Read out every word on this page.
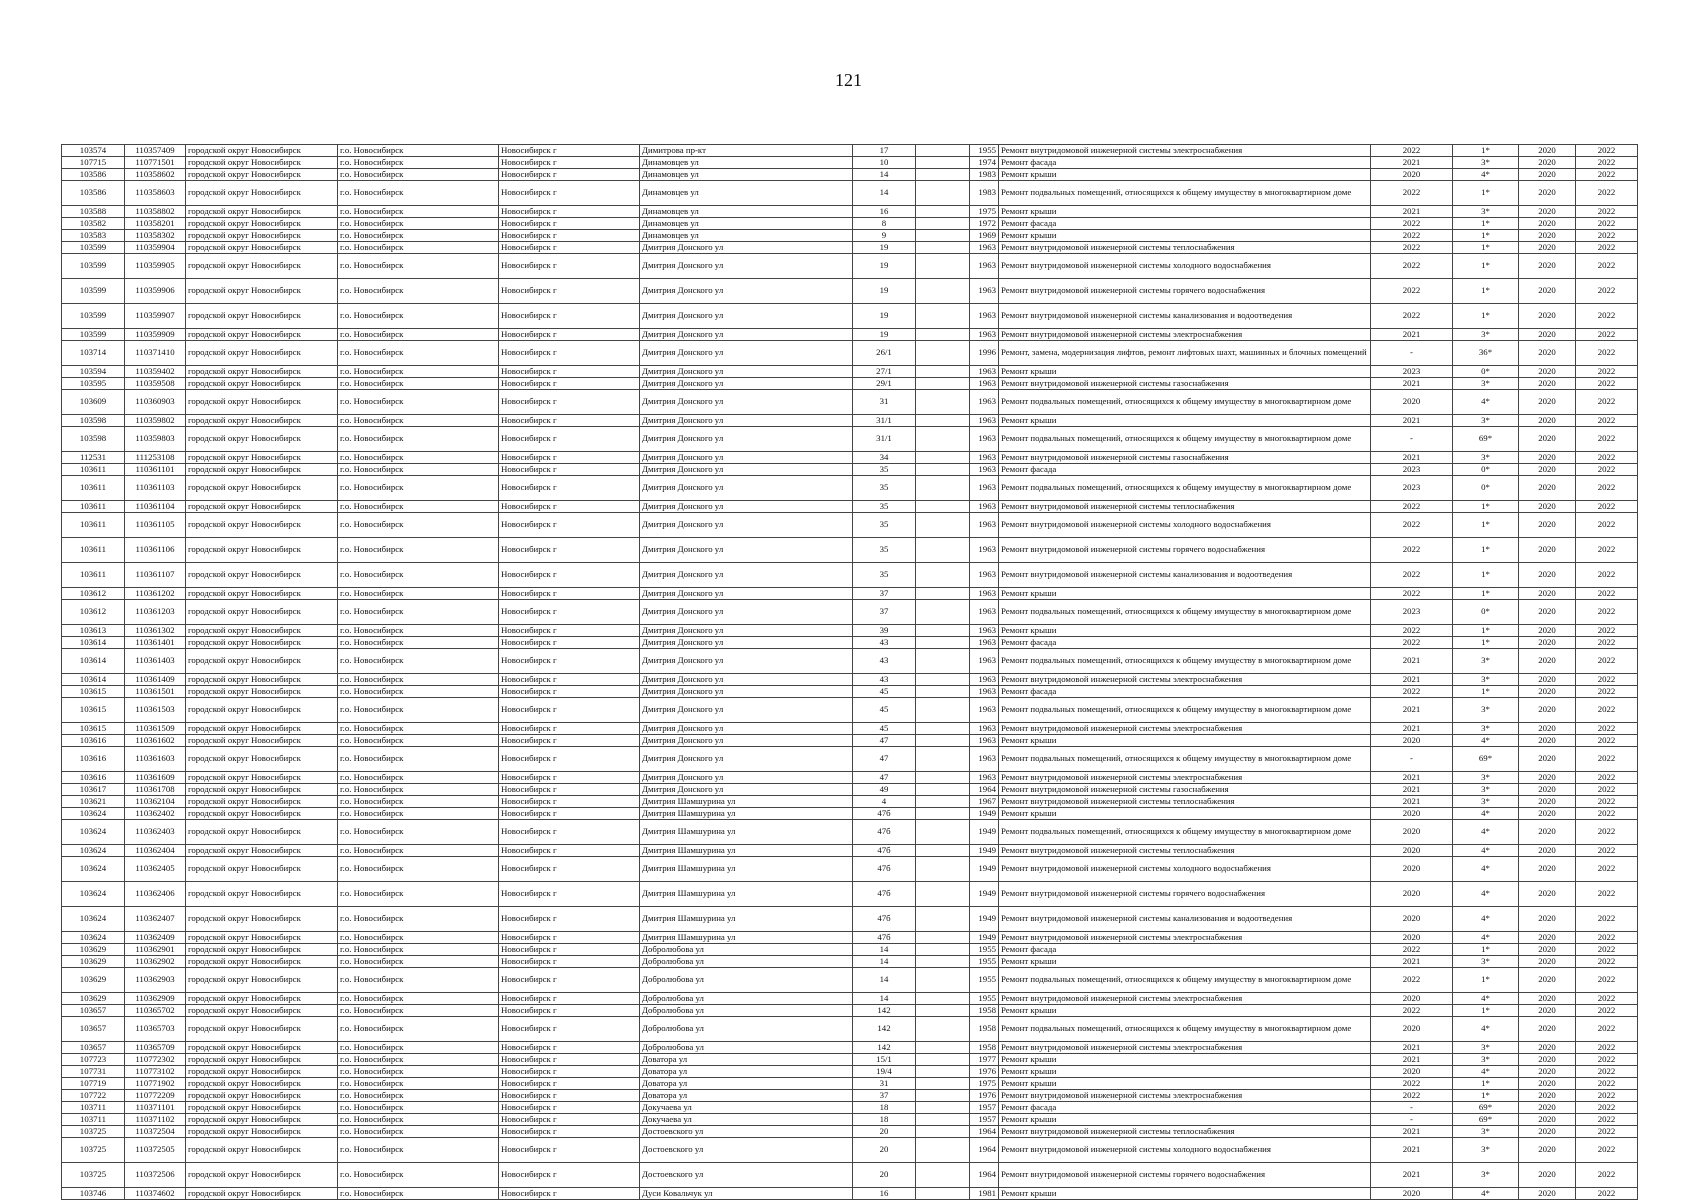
121
103574	110357409	городской округ Новосибирск	г.о. Новосибирск	Новосибирск г	Димитрова пр-кт	17		1955	Ремонт внутридомовой инженерной системы электроснабжения	2022	1*	2020	2022
107715	110771501	городской округ Новосибирск	г.о. Новосибирск	Новосибирск г	Динамовцев ул	10		1974	Ремонт фасада	2021	3*	2020	2022
103586	110358602	городской округ Новосибирск	г.о. Новосибирск	Новосибирск г	Динамовцев ул	14		1983	Ремонт крыши	2020	4*	2020	2022
103586	110358603	городской округ Новосибирск	г.о. Новосибирск	Новосибирск г	Динамовцев ул	14		1983	Ремонт подвальных помещений, относящихся к общему имуществу в многоквартирном доме	2022	1*	2020	2022
103588	110358802	городской округ Новосибирск	г.о. Новосибирск	Новосибирск г	Динамовцев ул	16		1975	Ремонт крыши	2021	3*	2020	2022
103582	110358201	городской округ Новосибирск	г.о. Новосибирск	Новосибирск г	Динамовцев ул	8		1972	Ремонт фасада	2022	1*	2020	2022
103583	110358302	городской округ Новосибирск	г.о. Новосибирск	Новосибирск г	Динамовцев ул	9		1969	Ремонт крыши	2022	1*	2020	2022
103599	110359904	городской округ Новосибирск	г.о. Новосибирск	Новосибирск г	Дмитрия Донского ул	19		1963	Ремонт внутридомовой инженерной системы теплоснабжения	2022	1*	2020	2022
103599	110359905	городской округ Новосибирск	г.о. Новосибирск	Новосибирск г	Дмитрия Донского ул	19		1963	Ремонт внутридомовой инженерной системы холодного водоснабжения	2022	1*	2020	2022
103599	110359906	городской округ Новосибирск	г.о. Новосибирск	Новосибирск г	Дмитрия Донского ул	19		1963	Ремонт внутридомовой инженерной системы горячего водоснабжения	2022	1*	2020	2022
103599	110359907	городской округ Новосибирск	г.о. Новосибирск	Новосибирск г	Дмитрия Донского ул	19		1963	Ремонт внутридомовой инженерной системы канализования и водоотведения	2022	1*	2020	2022
103599	110359909	городской округ Новосибирск	г.о. Новосибирск	Новосибирск г	Дмитрия Донского ул	19		1963	Ремонт внутридомовой инженерной системы электроснабжения	2021	3*	2020	2022
103714	110371410	городской округ Новосибирск	г.о. Новосибирск	Новосибирск г	Дмитрия Донского ул	26/1		1996	Ремонт, замена, модернизация лифтов, ремонт лифтовых шахт, машинных и блочных помещений	-	36*	2020	2022
103594	110359402	городской округ Новосибирск	г.о. Новосибирск	Новосибирск г	Дмитрия Донского ул	27/1		1963	Ремонт крыши	2023	0*	2020	2022
103595	110359508	городской округ Новосибирск	г.о. Новосибирск	Новосибирск г	Дмитрия Донского ул	29/1		1963	Ремонт внутридомовой инженерной системы газоснабжения	2021	3*	2020	2022
103609	110360903	городской округ Новосибирск	г.о. Новосибирск	Новосибирск г	Дмитрия Донского ул	31		1963	Ремонт подвальных помещений, относящихся к общему имуществу в многоквартирном доме	2020	4*	2020	2022
103598	110359802	городской округ Новосибирск	г.о. Новосибирск	Новосибирск г	Дмитрия Донского ул	31/1		1963	Ремонт крыши	2021	3*	2020	2022
103598	110359803	городской округ Новосибирск	г.о. Новосибирск	Новосибирск г	Дмитрия Донского ул	31/1		1963	Ремонт подвальных помещений, относящихся к общему имуществу в многоквартирном доме	-	69*	2020	2022
112531	111253108	городской округ Новосибирск	г.о. Новосибирск	Новосибирск г	Дмитрия Донского ул	34		1963	Ремонт внутридомовой инженерной системы газоснабжения	2021	3*	2020	2022
103611	110361101	городской округ Новосибирск	г.о. Новосибирск	Новосибирск г	Дмитрия Донского ул	35		1963	Ремонт фасада	2023	0*	2020	2022
103611	110361103	городской округ Новосибирск	г.о. Новосибирск	Новосибирск г	Дмитрия Донского ул	35		1963	Ремонт подвальных помещений, относящихся к общему имуществу в многоквартирном доме	2023	0*	2020	2022
103611	110361104	городской округ Новосибирск	г.о. Новосибирск	Новосибирск г	Дмитрия Донского ул	35		1963	Ремонт внутридомовой инженерной системы теплоснабжения	2022	1*	2020	2022
103611	110361105	городской округ Новосибирск	г.о. Новосибирск	Новосибирск г	Дмитрия Донского ул	35		1963	Ремонт внутридомовой инженерной системы холодного водоснабжения	2022	1*	2020	2022
103611	110361106	городской округ Новосибирск	г.о. Новосибирск	Новосибирск г	Дмитрия Донского ул	35		1963	Ремонт внутридомовой инженерной системы горячего водоснабжения	2022	1*	2020	2022
103611	110361107	городской округ Новосибирск	г.о. Новосибирск	Новосибирск г	Дмитрия Донского ул	35		1963	Ремонт внутридомовой инженерной системы канализования и водоотведения	2022	1*	2020	2022
103612	110361202	городской округ Новосибирск	г.о. Новосибирск	Новосибирск г	Дмитрия Донского ул	37		1963	Ремонт крыши	2022	1*	2020	2022
103612	110361203	городской округ Новосибирск	г.о. Новосибирск	Новосибирск г	Дмитрия Донского ул	37		1963	Ремонт подвальных помещений, относящихся к общему имуществу в многоквартирном доме	2023	0*	2020	2022
103613	110361302	городской округ Новосибирск	г.о. Новосибирск	Новосибирск г	Дмитрия Донского ул	39		1963	Ремонт крыши	2022	1*	2020	2022
103614	110361401	городской округ Новосибирск	г.о. Новосибирск	Новосибирск г	Дмитрия Донского ул	43		1963	Ремонт фасада	2022	1*	2020	2022
103614	110361403	городской округ Новосибирск	г.о. Новосибирск	Новосибирск г	Дмитрия Донского ул	43		1963	Ремонт подвальных помещений, относящихся к общему имуществу в многоквартирном доме	2021	3*	2020	2022
103614	110361409	городской округ Новосибирск	г.о. Новосибирск	Новосибирск г	Дмитрия Донского ул	43		1963	Ремонт внутридомовой инженерной системы электроснабжения	2021	3*	2020	2022
103615	110361501	городской округ Новосибирск	г.о. Новосибирск	Новосибирск г	Дмитрия Донского ул	45		1963	Ремонт фасада	2022	1*	2020	2022
103615	110361503	городской округ Новосибирск	г.о. Новосибирск	Новосибирск г	Дмитрия Донского ул	45		1963	Ремонт подвальных помещений, относящихся к общему имуществу в многоквартирном доме	2021	3*	2020	2022
103615	110361509	городской округ Новосибирск	г.о. Новосибирск	Новосибирск г	Дмитрия Донского ул	45		1963	Ремонт внутридомовой инженерной системы электроснабжения	2021	3*	2020	2022
103616	110361602	городской округ Новосибирск	г.о. Новосибирск	Новосибирск г	Дмитрия Донского ул	47		1963	Ремонт крыши	2020	4*	2020	2022
103616	110361603	городской округ Новосибирск	г.о. Новосибирск	Новосибирск г	Дмитрия Донского ул	47		1963	Ремонт подвальных помещений, относящихся к общему имуществу в многоквартирном доме	-	69*	2020	2022
103616	110361609	городской округ Новосибирск	г.о. Новосибирск	Новосибирск г	Дмитрия Донского ул	47		1963	Ремонт внутридомовой инженерной системы электроснабжения	2021	3*	2020	2022
103617	110361708	городской округ Новосибирск	г.о. Новосибирск	Новосибирск г	Дмитрия Донского ул	49		1964	Ремонт внутридомовой инженерной системы газоснабжения	2021	3*	2020	2022
103621	110362104	городской округ Новосибирск	г.о. Новосибирск	Новосибирск г	Дмитрия Шамшурина ул	4		1967	Ремонт внутридомовой инженерной системы теплоснабжения	2021	3*	2020	2022
103624	110362402	городской округ Новосибирск	г.о. Новосибирск	Новосибирск г	Дмитрия Шамшурина ул	47б		1949	Ремонт крыши	2020	4*	2020	2022
103624	110362403	городской округ Новосибирск	г.о. Новосибирск	Новосибирск г	Дмитрия Шамшурина ул	47б		1949	Ремонт подвальных помещений, относящихся к общему имуществу в многоквартирном доме	2020	4*	2020	2022
103624	110362404	городской округ Новосибирск	г.о. Новосибирск	Новосибирск г	Дмитрия Шамшурина ул	47б		1949	Ремонт внутридомовой инженерной системы теплоснабжения	2020	4*	2020	2022
103624	110362405	городской округ Новосибирск	г.о. Новосибирск	Новосибирск г	Дмитрия Шамшурина ул	47б		1949	Ремонт внутридомовой инженерной системы холодного водоснабжения	2020	4*	2020	2022
103624	110362406	городской округ Новосибирск	г.о. Новосибирск	Новосибирск г	Дмитрия Шамшурина ул	47б		1949	Ремонт внутридомовой инженерной системы горячего водоснабжения	2020	4*	2020	2022
103624	110362407	городской округ Новосибирск	г.о. Новосибирск	Новосибирск г	Дмитрия Шамшурина ул	47б		1949	Ремонт внутридомовой инженерной системы канализования и водоотведения	2020	4*	2020	2022
103624	110362409	городской округ Новосибирск	г.о. Новосибирск	Новосибирск г	Дмитрия Шамшурина ул	47б		1949	Ремонт внутридомовой инженерной системы электроснабжения	2020	4*	2020	2022
103629	110362901	городской округ Новосибирск	г.о. Новосибирск	Новосибирск г	Добролюбова ул	14		1955	Ремонт фасада	2022	1*	2020	2022
103629	110362902	городской округ Новосибирск	г.о. Новосибирск	Новосибирск г	Добролюбова ул	14		1955	Ремонт крыши	2021	3*	2020	2022
103629	110362903	городской округ Новосибирск	г.о. Новосибирск	Новосибирск г	Добролюбова ул	14		1955	Ремонт подвальных помещений, относящихся к общему имуществу в многоквартирном доме	2022	1*	2020	2022
103629	110362909	городской округ Новосибирск	г.о. Новосибирск	Новосибирск г	Добролюбова ул	14		1955	Ремонт внутридомовой инженерной системы электроснабжения	2020	4*	2020	2022
103657	110365702	городской округ Новосибирск	г.о. Новосибирск	Новосибирск г	Добролюбова ул	142		1958	Ремонт крыши	2022	1*	2020	2022
103657	110365703	городской округ Новосибирск	г.о. Новосибирск	Новосибирск г	Добролюбова ул	142		1958	Ремонт подвальных помещений, относящихся к общему имуществу в многоквартирном доме	2020	4*	2020	2022
103657	110365709	городской округ Новосибирск	г.о. Новосибирск	Новосибирск г	Добролюбова ул	142		1958	Ремонт внутридомовой инженерной системы электроснабжения	2021	3*	2020	2022
107723	110772302	городской округ Новосибирск	г.о. Новосибирск	Новосибирск г	Доватора ул	15/1		1977	Ремонт крыши	2021	3*	2020	2022
107731	110773102	городской округ Новосибирск	г.о. Новосибирск	Новосибирск г	Доватора ул	19/4		1976	Ремонт крыши	2020	4*	2020	2022
107719	110771902	городской округ Новосибирск	г.о. Новосибирск	Новосибирск г	Доватора ул	31		1975	Ремонт крыши	2022	1*	2020	2022
107722	110772209	городской округ Новосибирск	г.о. Новосибирск	Новосибирск г	Доватора ул	37		1976	Ремонт внутридомовой инженерной системы электроснабжения	2022	1*	2020	2022
103711	110371101	городской округ Новосибирск	г.о. Новосибирск	Новосибирск г	Докучаева ул	18		1957	Ремонт фасада	-	69*	2020	2022
103711	110371102	городской округ Новосибирск	г.о. Новосибирск	Новосибирск г	Докучаева ул	18		1957	Ремонт крыши	-	69*	2020	2022
103725	110372504	городской округ Новосибирск	г.о. Новосибирск	Новосибирск г	Достоевского ул	20		1964	Ремонт внутридомовой инженерной системы теплоснабжения	2021	3*	2020	2022
103725	110372505	городской округ Новосибирск	г.о. Новосибирск	Новосибирск г	Достоевского ул	20		1964	Ремонт внутридомовой инженерной системы холодного водоснабжения	2021	3*	2020	2022
103725	110372506	городской округ Новосибирск	г.о. Новосибирск	Новосибирск г	Достоевского ул	20		1964	Ремонт внутридомовой инженерной системы горячего водоснабжения	2021	3*	2020	2022
103746	110374602	городской округ Новосибирск	г.о. Новосибирск	Новосибирск г	Дуси Ковальчук ул	16		1981	Ремонт крыши	2020	4*	2020	2022
